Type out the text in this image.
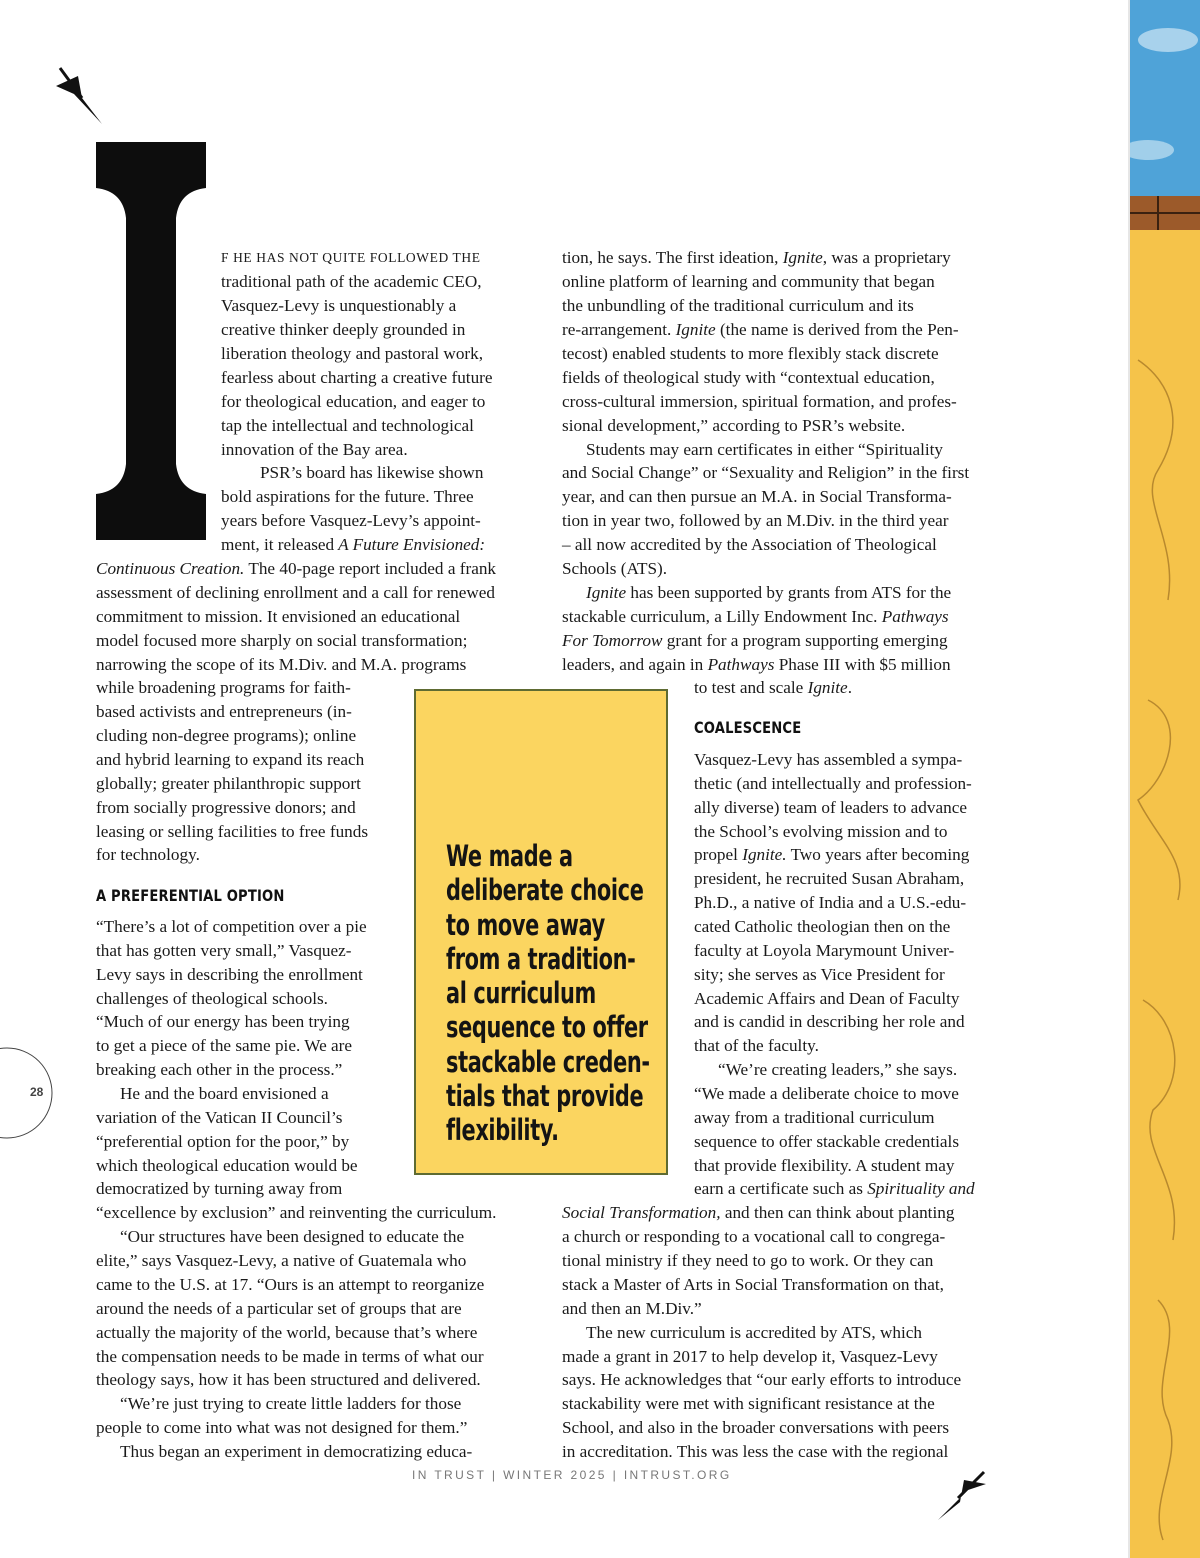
F HE HAS NOT QUITE FOLLOWED THE
traditional path of the academic CEO,
Vasquez-Levy is unquestionably a
creative thinker deeply grounded in
liberation theology and pastoral work,
fearless about charting a creative future
for theological education, and eager to
tap the intellectual and technological
innovation of the Bay area.
PSR’s board has likewise shown
bold aspirations for the future. Three
years before Vasquez-Levy’s appoint-
ment, it released A Future Envisioned:
Continuous Creation. The 40-page report included a frank
assessment of declining enrollment and a call for renewed
commitment to mission. It envisioned an educational
model focused more sharply on social transformation;
narrowing the scope of its M.Div. and M.A. programs
while broadening programs for faith-
based activists and entrepreneurs (in-
cluding non-degree programs); online
and hybrid learning to expand its reach
globally; greater philanthropic support
from socially progressive donors; and
leasing or selling facilities to free funds
for technology.
“There’s a lot of competition over a pie
that has gotten very small,” Vasquez-
Levy says in describing the enrollment
challenges of theological schools.
“Much of our energy has been trying
to get a piece of the same pie. We are
breaking each other in the process.”
He and the board envisioned a
variation of the Vatican II Council’s
“preferential option for the poor,” by
which theological education would be
democratized by turning away from
“excellence by exclusion” and reinventing the curriculum.
“Our structures have been designed to educate the
elite,” says Vasquez-Levy, a native of Guatemala who
came to the U.S. at 17. “Ours is an attempt to reorganize
around the needs of a particular set of groups that are
actually the majority of the world, because that’s where
the compensation needs to be made in terms of what our
theology says, how it has been structured and delivered.
“We’re just trying to create little ladders for those
people to come into what was not designed for them.”
Thus began an experiment in democratizing educa-
tion, he says. The first ideation, Ignite, was a proprietary
online platform of learning and community that began
the unbundling of the traditional curriculum and its
re-arrangement. Ignite (the name is derived from the Pen-
tecost) enabled students to more flexibly stack discrete
fields of theological study with “contextual education,
cross-cultural immersion, spiritual formation, and profes-
sional development,” according to PSR’s website.
Students may earn certificates in either “Spirituality
and Social Change” or “Sexuality and Religion” in the first
year, and can then pursue an M.A. in Social Transforma-
tion in year two, followed by an M.Div. in the third year
– all now accredited by the Association of Theological
Schools (ATS).
Ignite has been supported by grants from ATS for the
stackable curriculum, a Lilly Endowment Inc. Pathways
For Tomorrow grant for a program supporting emerging
leaders, and again in Pathways Phase III with $5 million
to test and scale Ignite.
Vasquez-Levy has assembled a sympa-
thetic (and intellectually and profession-
ally diverse) team of leaders to advance
the School’s evolving mission and to
propel Ignite. Two years after becoming
president, he recruited Susan Abraham,
Ph.D., a native of India and a U.S.-edu-
cated Catholic theologian then on the
faculty at Loyola Marymount Univer-
sity; she serves as Vice President for
Academic Affairs and Dean of Faculty
and is candid in describing her role and
that of the faculty.
“We’re creating leaders,” she says.
“We made a deliberate choice to move
away from a traditional curriculum
sequence to offer stackable credentials
that provide flexibility. A student may
earn a certificate such as Spirituality and
Social Transformation, and then can think about planting
a church or responding to a vocational call to congrega-
tional ministry if they need to go to work. Or they can
stack a Master of Arts in Social Transformation on that,
and then an M.Div.”
The new curriculum is accredited by ATS, which
made a grant in 2017 to help develop it, Vasquez-Levy
says. He acknowledges that “our early efforts to introduce
stackability were met with significant resistance at the
School, and also in the broader conversations with peers
in accreditation. This was less the case with the regional
A PREFERENTIAL OPTION
COALESCENCE
We made a
deliberate choice
to move away
from a tradition-
al curriculum
sequence to offer
stackable creden-
tials that provide
flexibility.
28
IN TRUST | WINTER 2025 | INTRUST.ORG
